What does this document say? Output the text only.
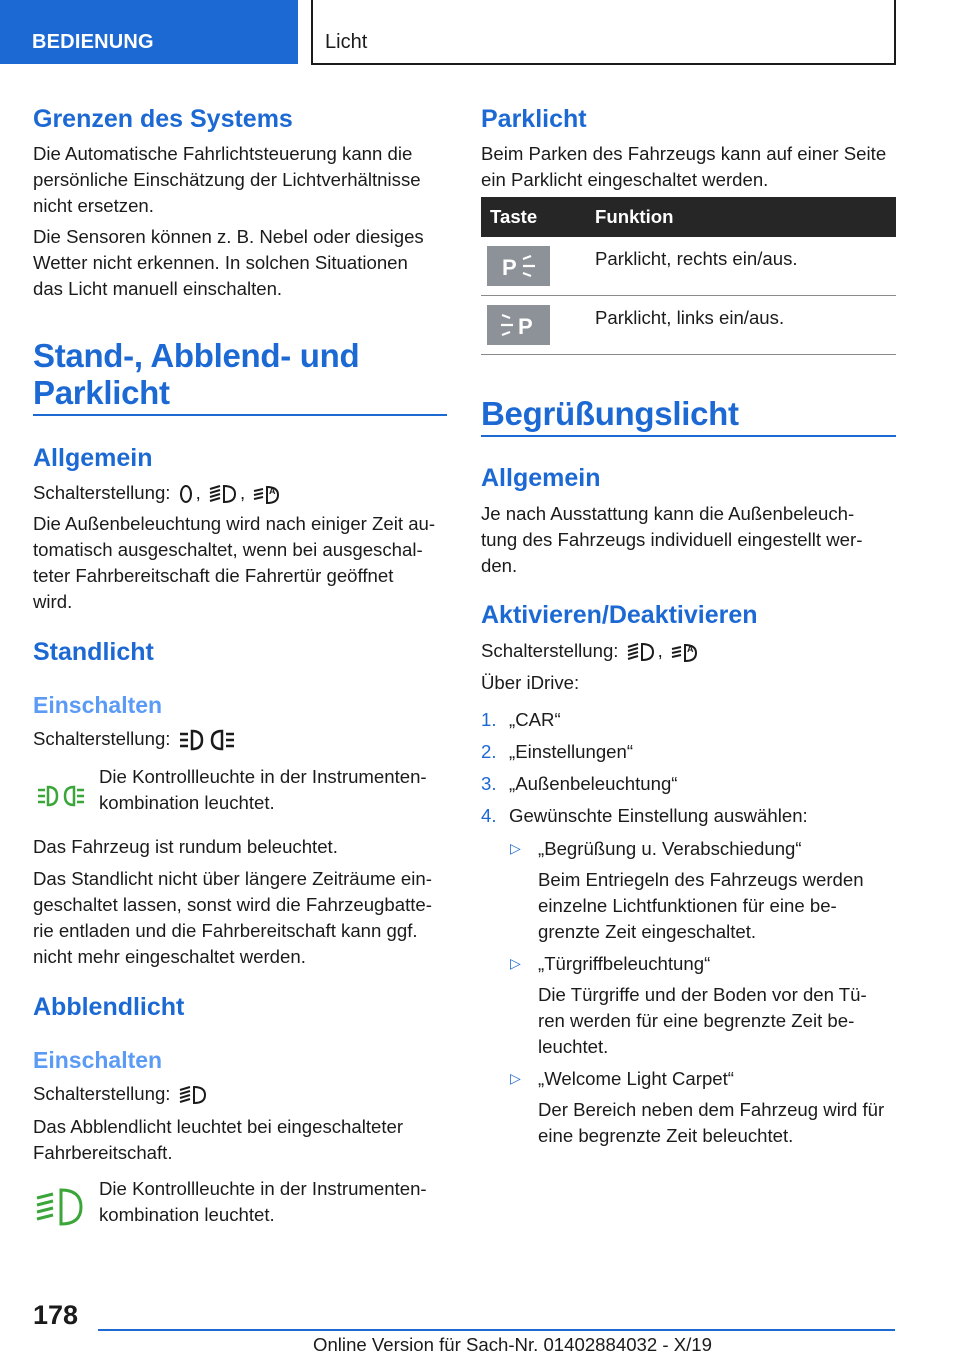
BEDIENUNG	Licht
Grenzen des Systems

Die Automatische Fahrlichtsteuerung kann die

persönliche Einschätzung der Lichtverhältnisse

nicht ersetzen.

Die Sensoren können z. B. Nebel oder diesiges

Wetter nicht erkennen. In solchen Situationen

das Licht manuell einschalten.

Stand-, Abblend- und
Parklicht
Allgemein
Schalterstellung: , ,	A

Die Außenbeleuchtung wird nach einiger Zeit au-

tomatisch ausgeschaltet, wenn bei ausgeschal-

teter Fahrbereitschaft die Fahrertür geöffnet

wird.

Standlicht
Einschalten
Schalterstellung:

Die Kontrollleuchte in der Instrumenten-

kombination leuchtet.

Das Fahrzeug ist rundum beleuchtet.

Das Standlicht nicht über längere Zeiträume ein-

geschaltet lassen, sonst wird die Fahrzeugbatte-

rie entladen und die Fahrbereitschaft kann ggf.

nicht mehr eingeschaltet werden.

Abblendlicht
Einschalten
Schalterstellung:

Das Abblendlicht leuchtet bei eingeschalteter

Fahrbereitschaft.

Die Kontrollleuchte in der Instrumenten-

kombination leuchtet.

Parklicht

Beim Parken des Fahrzeugs kann auf einer Seite

ein Parklicht eingeschaltet werden.

Taste	Funktion
P	Parklicht, rechts ein/aus.
P	Parklicht, links ein/aus.
Begrüßungslicht
Allgemein

Je nach Ausstattung kann die Außenbeleuch-

tung des Fahrzeugs individuell eingestellt wer-

den.

Aktivieren/Deaktivieren
Schalterstellung: ,	A

Über iDrive:

1. „CAR“

2. „Einstellungen“

3. „Außenbeleuchtung“

4. Gewünschte Einstellung auswählen:

▷ „Begrüßung u. Verabschiedung“

Beim Entriegeln des Fahrzeugs werden

einzelne Lichtfunktionen für eine be-

grenzte Zeit eingeschaltet.

▷ „Türgriffbeleuchtung“

Die Türgriffe und der Boden vor den Tü-

ren werden für eine begrenzte Zeit be-

leuchtet.

▷ „Welcome Light Carpet“

Der Bereich neben dem Fahrzeug wird für

eine begrenzte Zeit beleuchtet.

178
Online Version für Sach-Nr. 01402884032 - X/19
